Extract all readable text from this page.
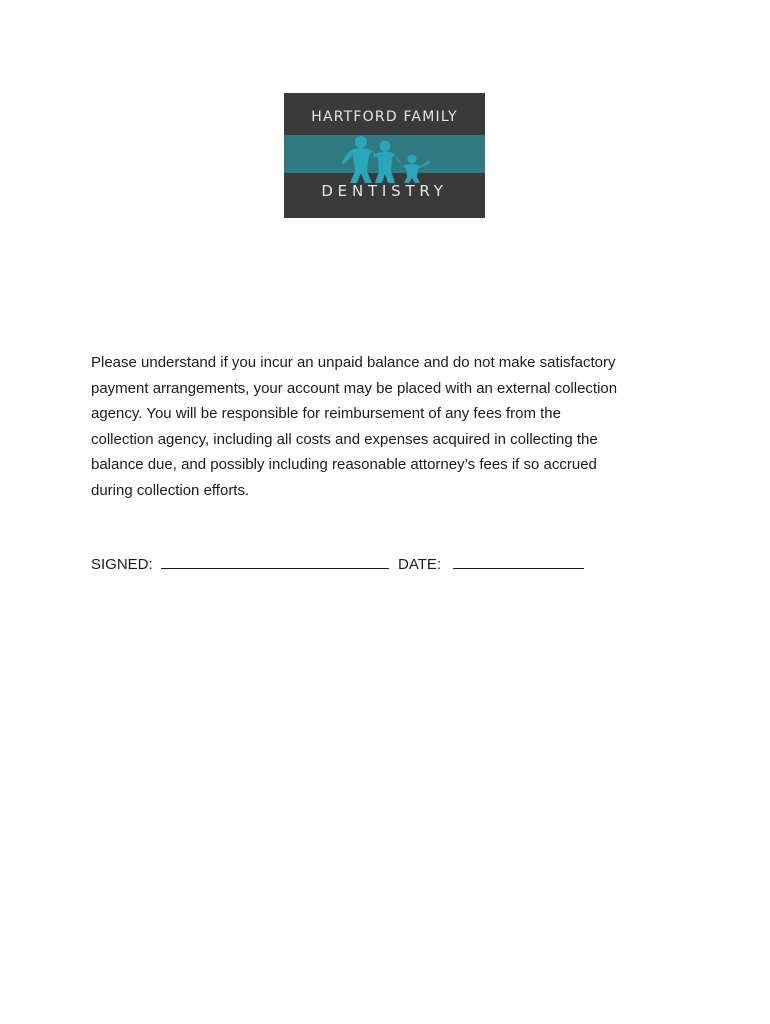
HARTFORD FAMILY
DENTISTRY
Please understand if you incur an unpaid balance and do not make satisfactory
payment arrangements, your account may be placed with an external collection
agency. You will be responsible for reimbursement of any fees from the
collection agency, including all costs and expenses acquired in collecting the
balance due, and possibly including reasonable attorney’s fees if so accrued
during collection efforts.
SIGNED:	DATE:
